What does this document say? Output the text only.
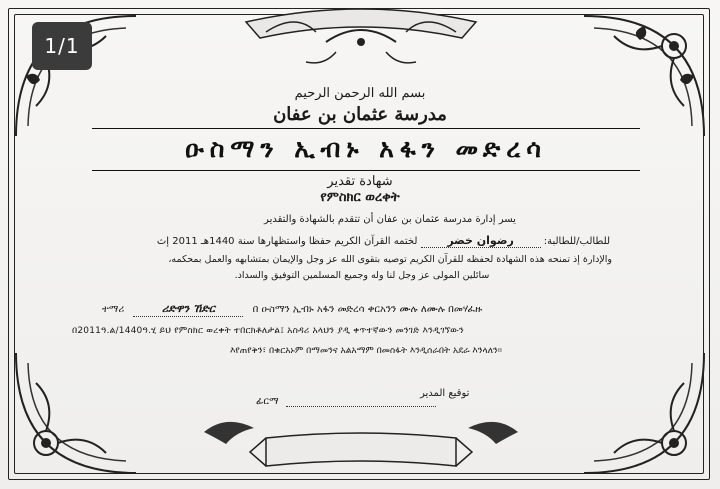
1/1
بسم الله الرحمن الرحيم
مدرسة عثمان بن عفان
ዑስማን ኢብኑ አፋን መድረሳ
شهادة تقدير
የምስክር ወረቀት
يسر إدارة مدرسة عثمان بن عفان أن تتقدم بالشهادة والتقدير
للطالب/للطالبة: رضوان خضر لختمه القرآن الكريم حفظا واستظهارها سنة 1440هـ 2011 إث
والإدارة إذ تمنحه هذه الشهادة لحفظه للقرآن الكريم توصيه بتقوى الله عز وجل والإيمان بمتشابهه والعمل بمحكمه،
سائلين المولى عز وجل لنا وله وجميع المسلمين التوفيق والسداد.
ተማሪ	ሪድዋን ኸድር	በ ዑስማን ኢብኑ አፋን መድረሳ ቀርአንን ሙሉ ለሙሉ በመሃፈዙ
በ2011ዓ.ል/1440ዓ.ሂ ይህ የምስክር ወረቀት ተበርክቶለታል፤ አስዳሪ አላህን ያዲ ቀጥተኛውን መንገድ እንዲገኘውን
እየጠየቅን፣ በቁርአኑም በማመንና አልአማም በመስፋት እንዲሰራበት አደራ እንላለን።
توقيع المدير
ፊርማ
